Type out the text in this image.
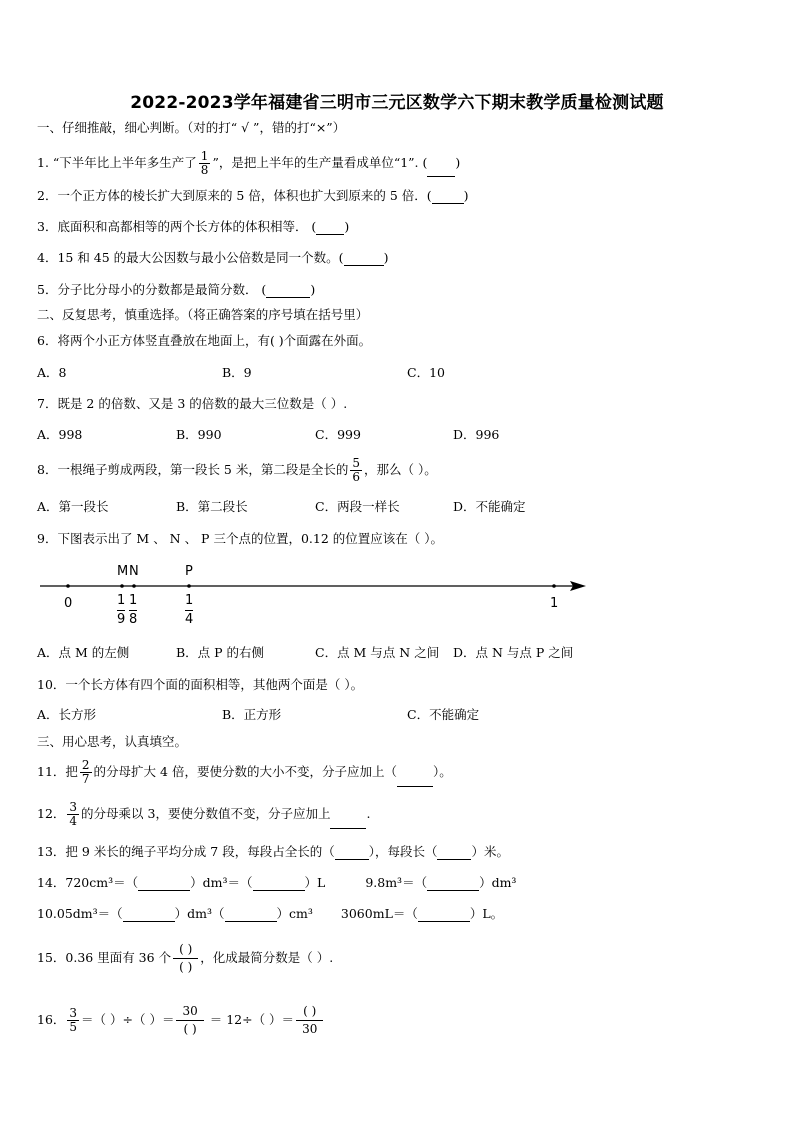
2022-2023学年福建省三明市三元区数学六下期末教学质量检测试题
一、仔细推敲，细心判断。（对的打“ √ ”，错的打“×”）
1. “下半年比上半年多生产了 $\frac{1}{8}$ ”，是把上半年的生产量看成单位“1”. ( )
2．一个正方体的棱长扩大到原来的 5 倍，体积也扩大到原来的 5 倍．(	)
3．底面积和高都相等的两个长方体的体积相等． ( )
4．15 和 45 的最大公因数与最小公倍数是同一个数。(	)
5．分子比分母小的分数都是最简分数． (	)
二、反复思考，慎重选择。（将正确答案的序号填在括号里）
6．将两个小正方体竖直叠放在地面上，有( )个面露在外面。
A．8	B．9	C．10
7．既是 2 的倍数、又是 3 的倍数的最大三位数是（ ）.
A．998	B．990	C．999	D．996
8．一根绳子剪成两段，第一段长 5 米，第二段是全长的 $\frac{5}{6}$ ，那么（ ）。
A．第一段长	B．第二段长	C．两段一样长	D．不能确定
9．下图表示出了 M 、 N 、 P 三个点的位置，0.12 的位置应该在（ ）。
M N	P
0	1
1
9
1
8
1
4
A．点 M 的左侧	B．点 P 的右侧	C．点 M 与点 N 之间 D．点 N 与点 P 之间
10．一个长方体有四个面的面积相等，其他两个面是（ ）。
A．长方形	B．正方形	C．不能确定
三、用心思考，认真填空。
11．把 $\frac{2}{7}$ 的分母扩大 4 倍，要使分数的大小不变，分子应加上（	）。
12． $\frac{3}{4}$ 的分母乘以 3，要使分数值不变，分子应加上	.
13．把 9 米长的绳子平均分成 7 段，每段占全长的（	），每段长（	）米。
14．720cm³＝（	）dm³＝（	）L	9.8m³＝（	）dm³
10.05dm³＝（	）dm³（	）cm³ 3060mL＝（	）L。
15．0.36 里面有 36 个 $\frac{( )}{( )}$ ，化成最简分数是（ ）.
16． $\frac{3}{5}$ ＝（ ）÷（ ）＝ $\frac{30}{( )} = 12\div$（ ）＝ $\frac{( )}{30}$
